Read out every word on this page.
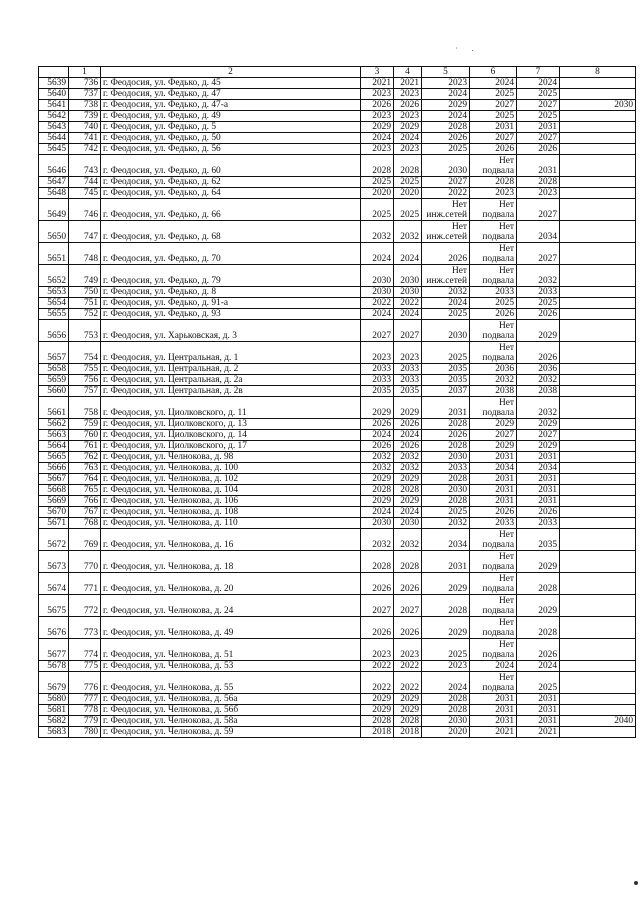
· .
	1	2	3	4	5	6	7	8

5639	736	г. Феодосия, ул. Федько, д. 45	2021	2021	2023	2024	2024	

5640	737	г. Феодосия, ул. Федько, д. 47	2023	2023	2024	2025	2025	

5641	738	г. Феодосия, ул. Федько, д. 47-а	2026	2026	2029	2027	2027	2030

5642	739	г. Феодосия, ул. Федько, д. 49	2023	2023	2024	2025	2025	

5643	740	г. Феодосия, ул. Федько, д. 5	2029	2029	2028	2031	2031	

5644	741	г. Феодосия, ул. Федько, д. 50	2024	2024	2026	2027	2027	

5645	742	г. Феодосия, ул. Федько, д. 56	2023	2023	2025	2026	2026	

5646	743	г. Феодосия, ул. Федько, д. 60	2028	2028	2030	Нет
подвала	2031	

5647	744	г. Феодосия, ул. Федько, д. 62	2025	2025	2027	2028	2028	

5648	745	г. Феодосия, ул. Федько, д. 64	2020	2020	2022	2023	2023	

5649	746	г. Феодосия, ул. Федько, д. 66	2025	2025	Нет
инж.сетей	Нет
подвала	2027	

5650	747	г. Феодосия, ул. Федько, д. 68	2032	2032	Нет
инж.сетей	Нет
подвала	2034	

5651	748	г. Феодосия, ул. Федько, д. 70	2024	2024	2026	Нет
подвала	2027	

5652	749	г. Феодосия, ул. Федько, д. 79	2030	2030	Нет
инж.сетей	Нет
подвала	2032	

5653	750	г. Феодосия, ул. Федько, д. 8	2030	2030	2032	2033	2033	

5654	751	г. Феодосия, ул. Федько, д. 91-а	2022	2022	2024	2025	2025	

5655	752	г. Феодосия, ул. Федько, д. 93	2024	2024	2025	2026	2026	

5656	753	г. Феодосия, ул. Харьковская, д. 3	2027	2027	2030	Нет
подвала	2029	

5657	754	г. Феодосия, ул. Центральная, д. 1	2023	2023	2025	Нет
подвала	2026	

5658	755	г. Феодосия, ул. Центральная, д. 2	2033	2033	2035	2036	2036	

5659	756	г. Феодосия, ул. Центральная, д. 2а	2033	2033	2035	2032	2032	

5660	757	г. Феодосия, ул. Центральная, д. 2в	2035	2035	2037	2038	2038	

5661	758	г. Феодосия, ул. Циолковского, д. 11	2029	2029	2031	Нет
подвала	2032	

5662	759	г. Феодосия, ул. Циолковского, д. 13	2026	2026	2028	2029	2029	

5663	760	г. Феодосия, ул. Циолковского, д. 14	2024	2024	2026	2027	2027	

5664	761	г. Феодосия, ул. Циолковского, д. 17	2026	2026	2028	2029	2029	

5665	762	г. Феодосия, ул. Челнокова, д. 98	2032	2032	2030	2031	2031	

5666	763	г. Феодосия, ул. Челнокова, д. 100	2032	2032	2033	2034	2034	

5667	764	г. Феодосия, ул. Челнокова, д. 102	2029	2029	2028	2031	2031	

5668	765	г. Феодосия, ул. Челнокова, д. 104	2028	2028	2030	2031	2031	

5669	766	г. Феодосия, ул. Челнокова, д. 106	2029	2029	2028	2031	2031	

5670	767	г. Феодосия, ул. Челнокова, д. 108	2024	2024	2025	2026	2026	

5671	768	г. Феодосия, ул. Челнокова, д. 110	2030	2030	2032	2033	2033	

5672	769	г. Феодосия, ул. Челнокова, д. 16	2032	2032	2034	Нет
подвала	2035	

5673	770	г. Феодосия, ул. Челнокова, д. 18	2028	2028	2031	Нет
подвала	2029	

5674	771	г. Феодосия, ул. Челнокова, д. 20	2026	2026	2029	Нет
подвала	2028	

5675	772	г. Феодосия, ул. Челнокова, д. 24	2027	2027	2028	Нет
подвала	2029	

5676	773	г. Феодосия, ул. Челнокова, д. 49	2026	2026	2029	Нет
подвала	2028	

5677	774	г. Феодосия, ул. Челнокова, д. 51	2023	2023	2025	Нет
подвала	2026	

5678	775	г. Феодосия, ул. Челнокова, д. 53	2022	2022	2023	2024	2024	

5679	776	г. Феодосия, ул. Челнокова, д. 55	2022	2022	2024	Нет
подвала	2025	

5680	777	г. Феодосия, ул. Челнокова, д. 56а	2029	2029	2028	2031	2031	

5681	778	г. Феодосия, ул. Челнокова, д. 56б	2029	2029	2028	2031	2031	

5682	779	г. Феодосия, ул. Челнокова, д. 58а	2028	2028	2030	2031	2031	2040

5683	780	г. Феодосия, ул. Челнокова, д. 59	2018	2018	2020	2021	2021	
